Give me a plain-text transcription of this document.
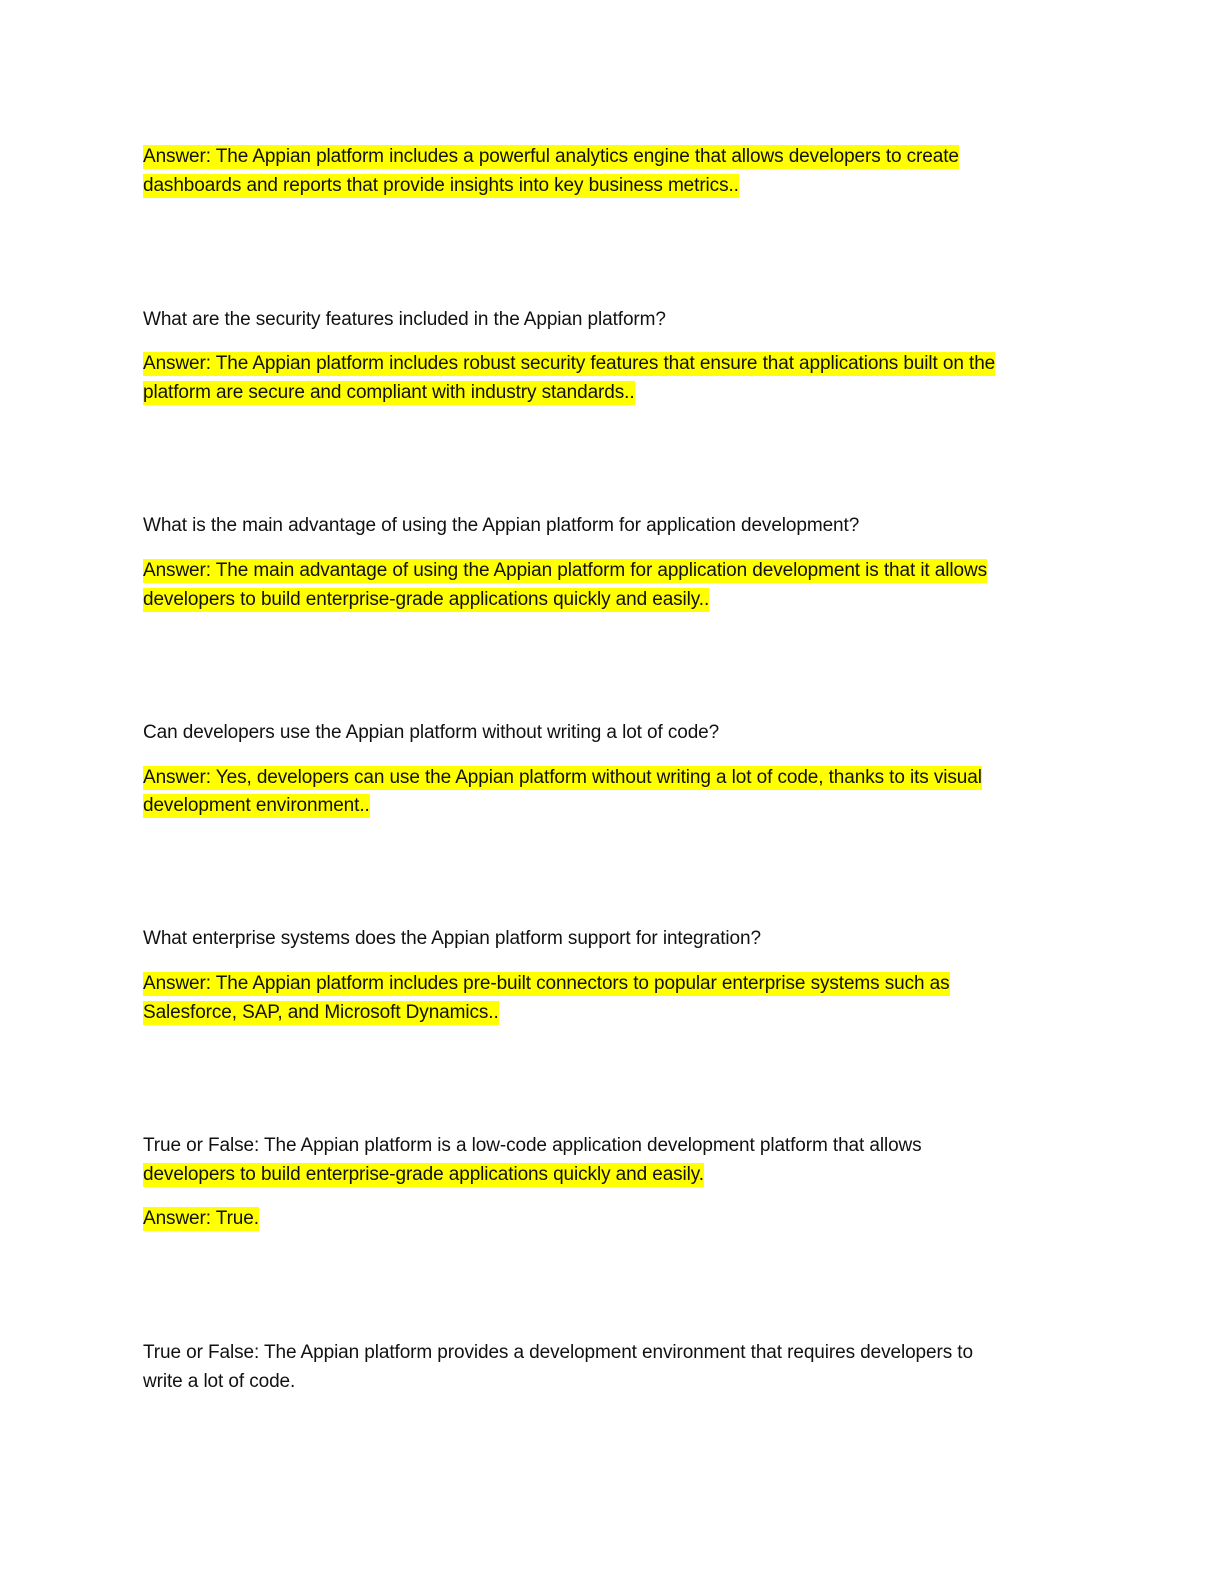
Answer: The Appian platform includes a powerful analytics engine that allows developers to create
dashboards and reports that provide insights into key business metrics..
What are the security features included in the Appian platform?
Answer: The Appian platform includes robust security features that ensure that applications built on the
platform are secure and compliant with industry standards..
What is the main advantage of using the Appian platform for application development?
Answer: The main advantage of using the Appian platform for application development is that it allows
developers to build enterprise-grade applications quickly and easily..
Can developers use the Appian platform without writing a lot of code?
Answer: Yes, developers can use the Appian platform without writing a lot of code, thanks to its visual
development environment..
What enterprise systems does the Appian platform support for integration?
Answer: The Appian platform includes pre-built connectors to popular enterprise systems such as
Salesforce, SAP, and Microsoft Dynamics..
True or False: The Appian platform is a low-code application development platform that allows
developers to build enterprise-grade applications quickly and easily.
Answer: True.
True or False: The Appian platform provides a development environment that requires developers to
write a lot of code.
